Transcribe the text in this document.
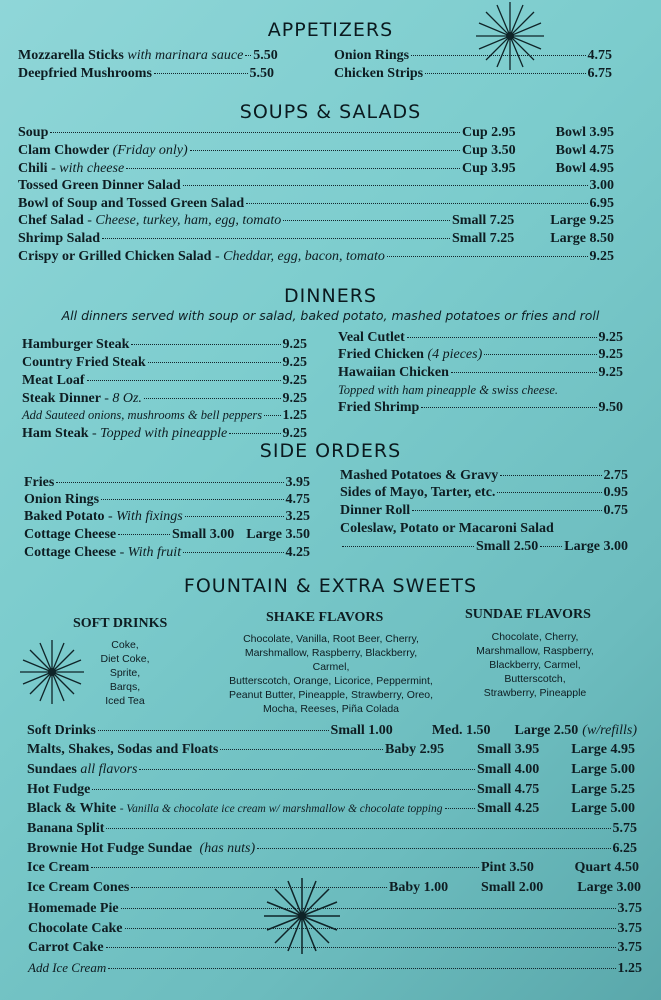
APPETIZERS
Mozzarella Sticks with marinara sauce 5.50
Deepfried Mushrooms	5.50
Onion Rings	4.75
Chicken Strips	6.75
SOUPS & SALADS
Soup	Cup 2.95	Bowl 3.95
Clam Chowder (Friday only)	Cup 3.50	Bowl 4.75
Chili - with cheese	Cup 3.95	Bowl 4.95
Tossed Green Dinner Salad	3.00
Bowl of Soup and Tossed Green Salad	6.95
Chef Salad - Cheese, turkey, ham, egg, tomato	Small 7.25	Large 9.25
Shrimp Salad	Small 7.25	Large 8.50
Crispy or Grilled Chicken Salad - Cheddar, egg, bacon, tomato	9.25
DINNERS
All dinners served with soup or salad, baked potato, mashed potatoes or fries and roll
Hamburger Steak	9.25
Country Fried Steak	9.25
Meat Loaf	9.25
Steak Dinner - 8 Oz.	9.25
Add Sauteed onions, mushrooms & bell peppers 1.25
Ham Steak - Topped with pineapple	9.25
Veal Cutlet	9.25
Fried Chicken (4 pieces)	9.25
Hawaiian Chicken	9.25
Topped with ham pineapple & swiss cheese.
Fried Shrimp	9.50
SIDE ORDERS
Fries	3.95
Onion Rings	4.75
Baked Potato - With fixings	3.25
Cottage Cheese	Small 3.00 Large 3.50
Cottage Cheese - With fruit	4.25
Mashed Potatoes & Gravy	2.75
Sides of Mayo, Tarter, etc.	0.95
Dinner Roll	0.75
Coleslaw, Potato or Macaroni Salad
Small 2.50 Large 3.00
FOUNTAIN & EXTRA SWEETS
SOFT DRINKS
Coke,
Diet Coke,
Sprite,
Barqs,
Iced Tea
SHAKE FLAVORS
Chocolate, Vanilla, Root Beer, Cherry,
Marshmallow, Raspberry, Blackberry, Carmel,
Butterscotch, Orange, Licorice, Peppermint,
Peanut Butter, Pineapple, Strawberry, Oreo,
Mocha, Reeses, Piña Colada
SUNDAE FLAVORS
Chocolate, Cherry,
Marshmallow, Raspberry,
Blackberry, Carmel,
Butterscotch,
Strawberry, Pineapple
Soft Drinks	Small 1.00	Med. 1.50 Large 2.50 (w/refills)
Malts, Shakes, Sodas and Floats	Baby 2.95	Small 3.95	Large 4.95
Sundaes all flavors	Small 4.00	Large 5.00
Hot Fudge	Small 4.75	Large 5.25
Black & White - Vanilla & chocolate ice cream w/ marshmallow & chocolate topping Small 4.25	Large 5.00
Banana Split	5.75
Brownie Hot Fudge Sundae (has nuts)	6.25
Ice Cream	Pint 3.50	Quart 4.50
Ice Cream Cones	Baby 1.00	Small 2.00	Large 3.00
Homemade Pie	3.75
Chocolate Cake	3.75
Carrot Cake	3.75
Add Ice Cream	1.25
